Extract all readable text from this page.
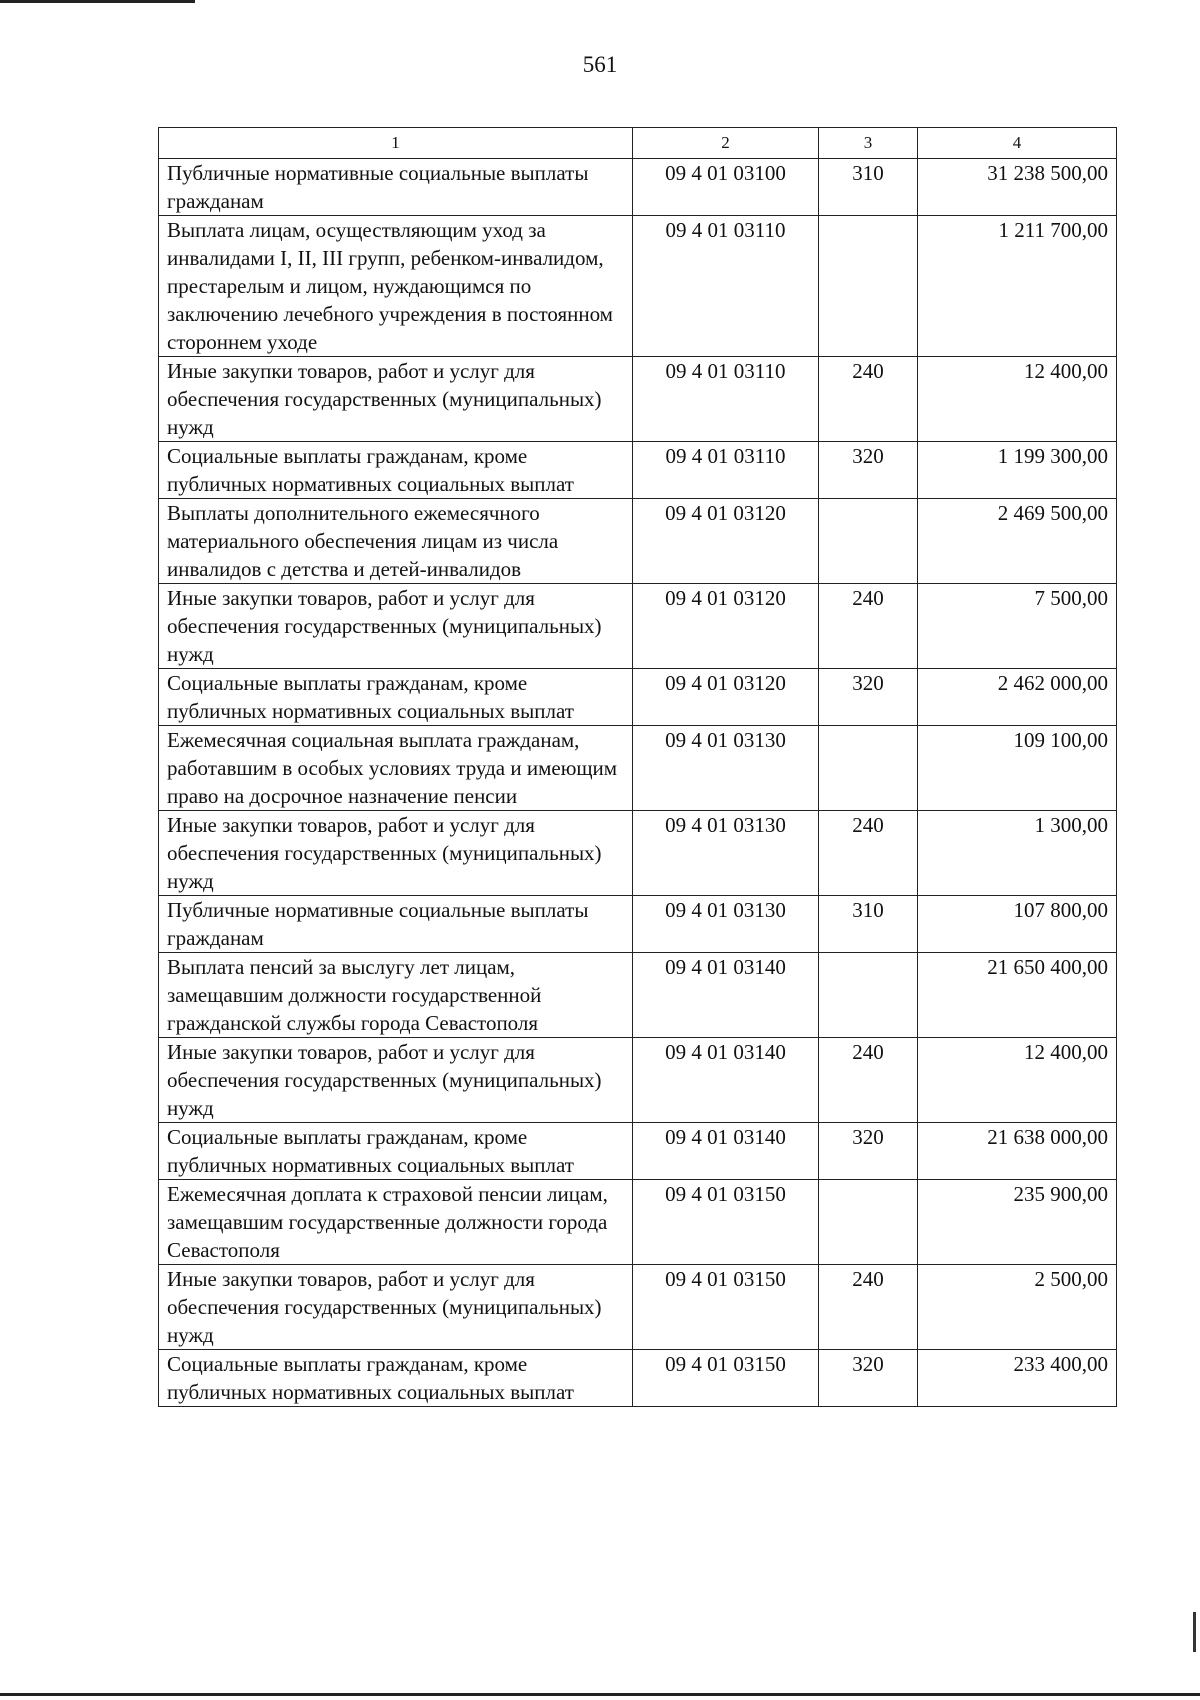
561
1	2	3	4
Публичные нормативные социальные выплаты гражданам	09 4 01 03100	310	31 238 500,00
Выплата лицам, осуществляющим уход за инвалидами I, II, III групп, ребенком-инвалидом, престарелым и лицом, нуждающимся по заключению лечебного учреждения в постоянном стороннем уходе	09 4 01 03110		1 211 700,00
Иные закупки товаров, работ и услуг для обеспечения государственных (муниципальных) нужд	09 4 01 03110	240	12 400,00
Социальные выплаты гражданам, кроме публичных нормативных социальных выплат	09 4 01 03110	320	1 199 300,00
Выплаты дополнительного ежемесячного материального обеспечения лицам из числа инвалидов с детства и детей-инвалидов	09 4 01 03120		2 469 500,00
Иные закупки товаров, работ и услуг для обеспечения государственных (муниципальных) нужд	09 4 01 03120	240	7 500,00
Социальные выплаты гражданам, кроме публичных нормативных социальных выплат	09 4 01 03120	320	2 462 000,00
Ежемесячная социальная выплата гражданам, работавшим в особых условиях труда и имеющим право на досрочное назначение пенсии	09 4 01 03130		109 100,00
Иные закупки товаров, работ и услуг для обеспечения государственных (муниципальных) нужд	09 4 01 03130	240	1 300,00
Публичные нормативные социальные выплаты гражданам	09 4 01 03130	310	107 800,00
Выплата пенсий за выслугу лет лицам, замещавшим должности государственной гражданской службы города Севастополя	09 4 01 03140		21 650 400,00
Иные закупки товаров, работ и услуг для обеспечения государственных (муниципальных) нужд	09 4 01 03140	240	12 400,00
Социальные выплаты гражданам, кроме публичных нормативных социальных выплат	09 4 01 03140	320	21 638 000,00
Ежемесячная доплата к страховой пенсии лицам, замещавшим государственные должности города Севастополя	09 4 01 03150		235 900,00
Иные закупки товаров, работ и услуг для обеспечения государственных (муниципальных) нужд	09 4 01 03150	240	2 500,00
Социальные выплаты гражданам, кроме публичных нормативных социальных выплат	09 4 01 03150	320	233 400,00
